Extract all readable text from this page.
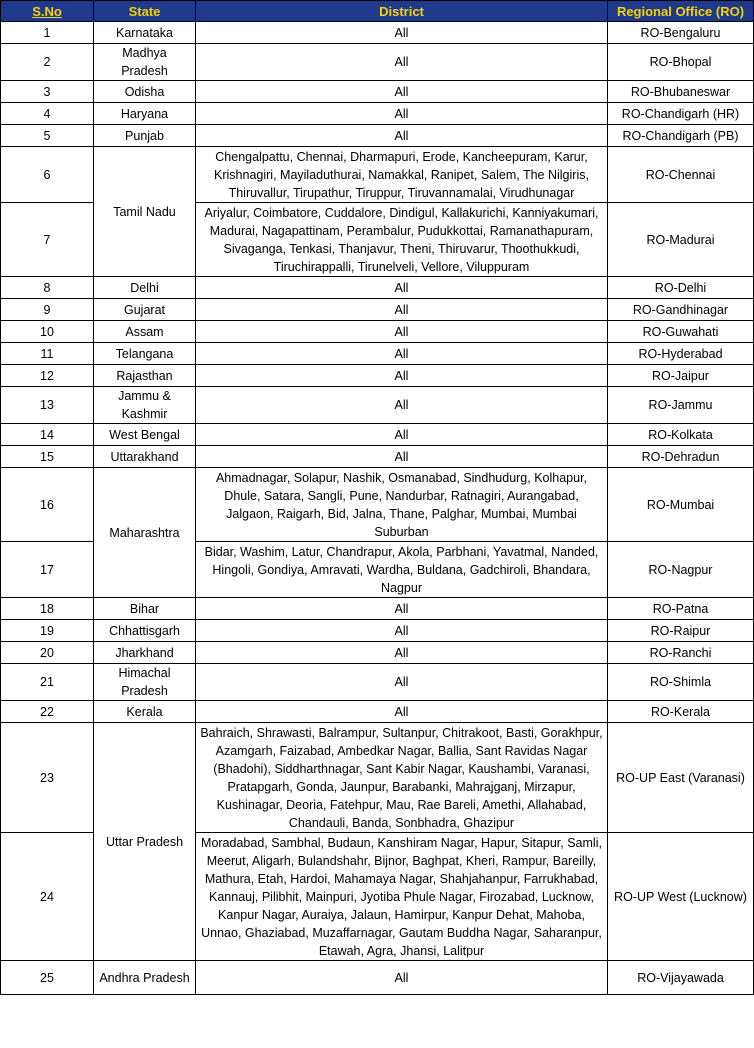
S.No	State	District	Regional Office (RO)
1	Karnataka	All	RO-Bengaluru
2	Madhya Pradesh	All	RO-Bhopal
3	Odisha	All	RO-Bhubaneswar
4	Haryana	All	RO-Chandigarh (HR)
5	Punjab	All	RO-Chandigarh (PB)
6	Tamil Nadu	Chengalpattu, Chennai, Dharmapuri, Erode, Kancheepuram, Karur, Krishnagiri, Mayiladuthurai, Namakkal, Ranipet, Salem, The Nilgiris, Thiruvallur, Tirupathur, Tiruppur, Tiruvannamalai, Virudhunagar	RO-Chennai
7		Ariyalur, Coimbatore, Cuddalore, Dindigul, Kallakurichi, Kanniyakumari, Madurai, Nagapattinam, Perambalur, Pudukkottai, Ramanathapuram, Sivaganga, Tenkasi, Thanjavur, Theni, Thiruvarur, Thoothukkudi, Tiruchirappalli, Tirunelveli, Vellore, Viluppuram	RO-Madurai
8	Delhi	All	RO-Delhi
9	Gujarat	All	RO-Gandhinagar
10	Assam	All	RO-Guwahati
11	Telangana	All	RO-Hyderabad
12	Rajasthan	All	RO-Jaipur
13	Jammu & Kashmir	All	RO-Jammu
14	West Bengal	All	RO-Kolkata
15	Uttarakhand	All	RO-Dehradun
16	Maharashtra	Ahmadnagar, Solapur, Nashik, Osmanabad, Sindhudurg, Kolhapur, Dhule, Satara, Sangli, Pune, Nandurbar, Ratnagiri, Aurangabad, Jalgaon, Raigarh, Bid, Jalna, Thane, Palghar, Mumbai, Mumbai Suburban	RO-Mumbai
17		Bidar, Washim, Latur, Chandrapur, Akola, Parbhani, Yavatmal, Nanded, Hingoli, Gondiya, Amravati, Wardha, Buldana, Gadchiroli, Bhandara, Nagpur	RO-Nagpur
18	Bihar	All	RO-Patna
19	Chhattisgarh	All	RO-Raipur
20	Jharkhand	All	RO-Ranchi
21	Himachal Pradesh	All	RO-Shimla
22	Kerala	All	RO-Kerala
23	Uttar Pradesh	Bahraich, Shrawasti, Balrampur, Sultanpur, Chitrakoot, Basti, Gorakhpur, Azamgarh, Faizabad, Ambedkar Nagar, Ballia, Sant Ravidas Nagar (Bhadohi), Siddharthnagar, Sant Kabir Nagar, Kaushambi, Varanasi, Pratapgarh, Gonda, Jaunpur, Barabanki, Mahrajganj, Mirzapur, Kushinagar, Deoria, Fatehpur, Mau, Rae Bareli, Amethi, Allahabad, Chandauli, Banda, Sonbhadra, Ghazipur	RO-UP East (Varanasi)
24		Moradabad, Sambhal, Budaun, Kanshiram Nagar, Hapur, Sitapur, Samli, Meerut, Aligarh, Bulandshahr, Bijnor, Baghpat, Kheri, Rampur, Bareilly, Mathura, Etah, Hardoi, Mahamaya Nagar, Shahjahanpur, Farrukhabad, Kannauj, Pilibhit, Mainpuri, Jyotiba Phule Nagar, Firozabad, Lucknow, Kanpur Nagar, Auraiya, Jalaun, Hamirpur, Kanpur Dehat, Mahoba, Unnao, Ghaziabad, Muzaffarnagar, Gautam Buddha Nagar, Saharanpur, Etawah, Agra, Jhansi, Lalitpur	RO-UP West (Lucknow)
25	Andhra Pradesh	All	RO-Vijayawada
